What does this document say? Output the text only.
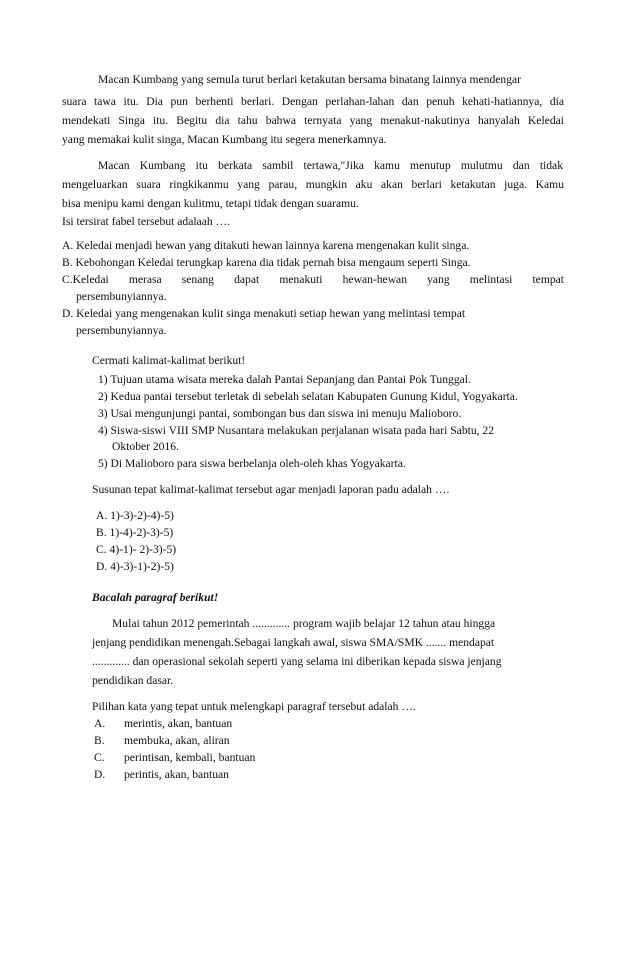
Macan Kumbang yang semula turut berlari ketakutan bersama binatang lainnya mendengar
suara tawa itu. Dia pun berhenti berlari. Dengan perlahan-lahan dan penuh kehati-hatiannya, dia
mendekati Singa itu. Begitu dia tahu bahwa ternyata yang menakut-nakutinya hanyalah Keledai
yang memakai kulit singa, Macan Kumbang itu segera menerkamnya.
Macan Kumbang itu berkata sambil tertawa,"Jika kamu menutup mulutmu dan tidak
mengeluarkan suara ringkikanmu yang parau, mungkin aku akan berlari ketakutan juga. Kamu
bisa menipu kami dengan kulitmu, tetapi tidak dengan suaramu.
Isi tersirat fabel tersebut adalaah ….
A. Keledai menjadi hewan yang ditakuti hewan lainnya karena mengenakan kulit singa.
B. Kebohongan Keledai terungkap karena dia tidak pernah bisa mengaum seperti Singa.
C.Keledai merasa senang dapat menakuti hewan-hewan yang melintasi tempat
persembunyiannya.
D. Keledai yang mengenakan kulit singa menakuti setiap hewan yang melintasi tempat
persembunyiannya.
Cermati kalimat-kalimat berikut!
1) Tujuan utama wisata mereka dalah Pantai Sepanjang dan Pantai Pok Tunggal.
2) Kedua pantai tersebut terletak di sebelah selatan Kabupaten Gunung Kidul, Yogyakarta.
3) Usai mengunjungi pantai, sombongan bus dan siswa ini menuju Malioboro.
4) Siswa-siswi VIII SMP Nusantara melakukan perjalanan wisata pada hari Sabtu, 22
Oktober 2016.
5) Di Malioboro para siswa berbelanja oleh-oleh khas Yogyakarta.
Susunan tepat kalimat-kalimat tersebut agar menjadi laporan padu adalah ….
A. 1)-3)-2)-4)-5)
B. 1)-4)-2)-3)-5)
C. 4)-1)- 2)-3)-5)
D. 4)-3)-1)-2)-5)
Bacalah paragraf berikut!
Mulai tahun 2012 pemerintah ............. program wajib belajar 12 tahun atau hingga
jenjang pendidikan menengah.Sebagai langkah awal, siswa SMA/SMK ....... mendapat
............. dan operasional sekolah seperti yang selama ini diberikan kepada siswa jenjang
pendidikan dasar.
Pilihan kata yang tepat untuk melengkapi paragraf tersebut adalah ….
A. merintis, akan, bantuan
B. membuka, akan, aliran
C. perintisan, kembali, bantuan
D. perintis, akan, bantuan
